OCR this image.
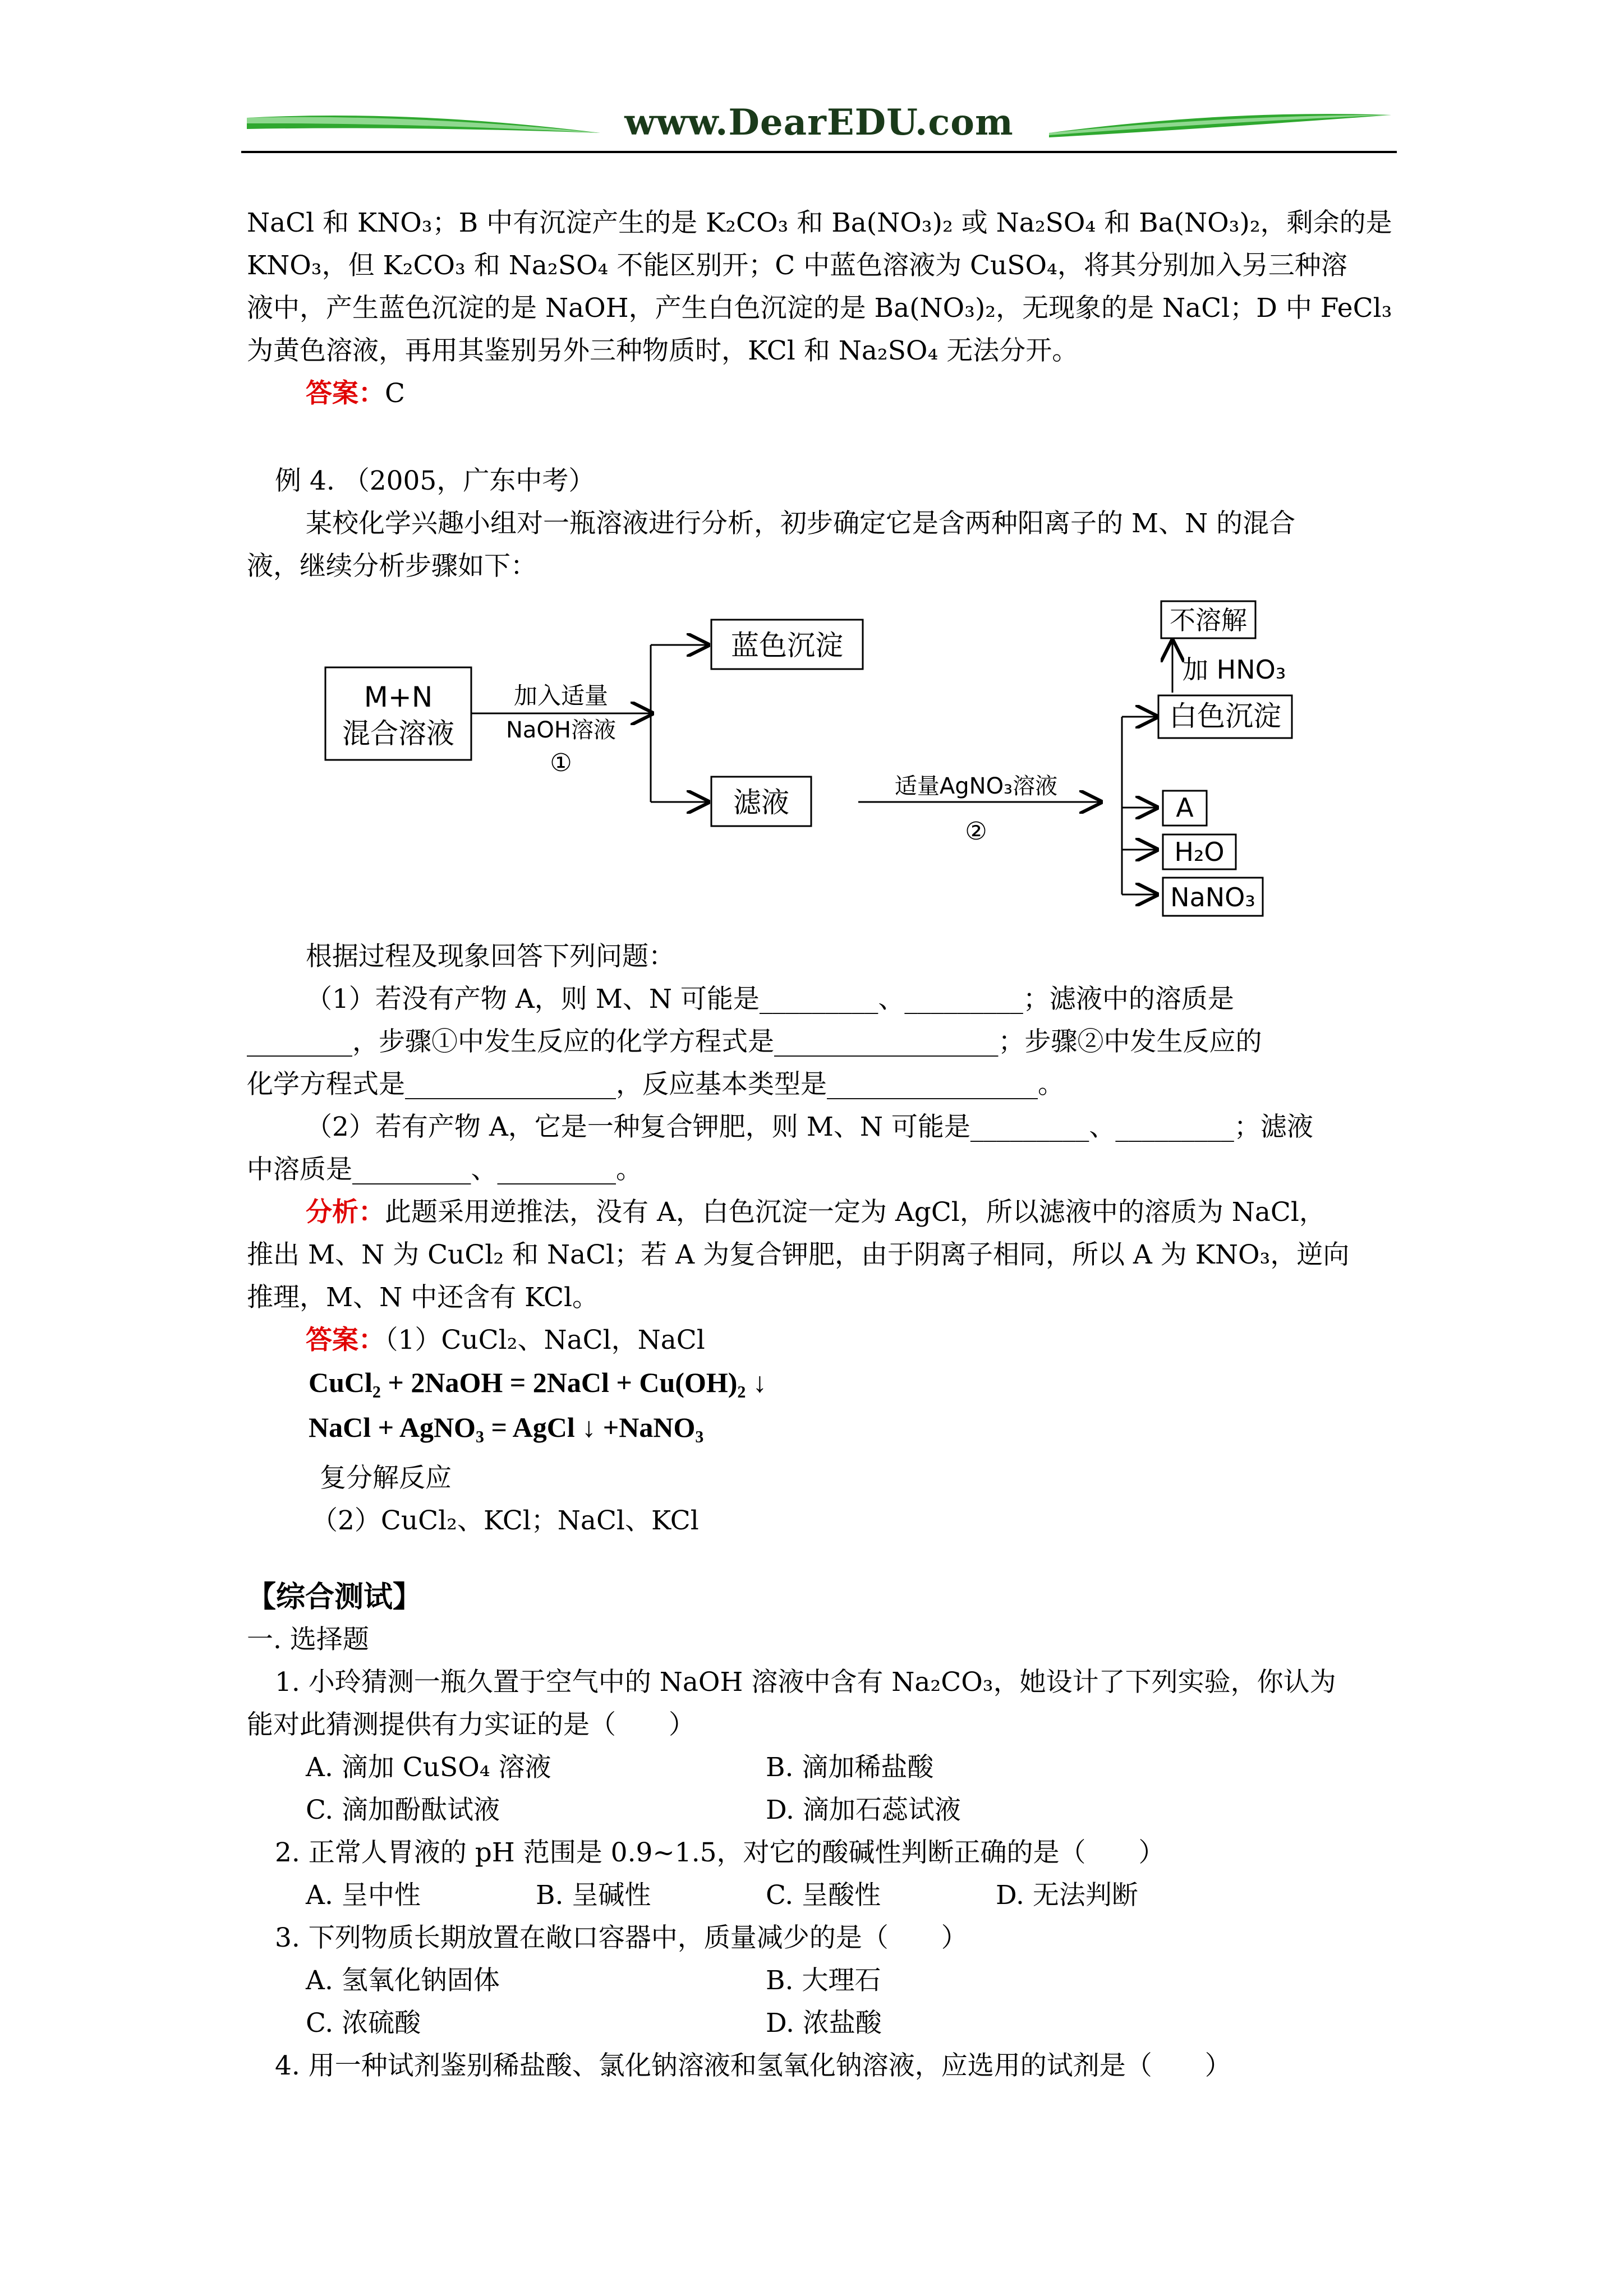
www.DearEDU.com
NaCl 和 KNO₃；B 中有沉淀产生的是 K₂CO₃ 和 Ba(NO₃)₂ 或 Na₂SO₄ 和 Ba(NO₃)₂，剩余的是
KNO₃，但 K₂CO₃ 和 Na₂SO₄ 不能区别开；C 中蓝色溶液为 CuSO₄，将其分别加入另三种溶
液中，产生蓝色沉淀的是 NaOH，产生白色沉淀的是 Ba(NO₃)₂，无现象的是 NaCl；D 中 FeCl₃
为黄色溶液，再用其鉴别另外三种物质时，KCl 和 Na₂SO₄ 无法分开。
答案：C
例 4. （2005，广东中考）
某校化学兴趣小组对一瓶溶液进行分析，初步确定它是含两种阳离子的 M、N 的混合
液，继续分析步骤如下：
M+N
混合溶液
加入适量
NaOH溶液
①
蓝色沉淀
滤液	适量AgNO₃溶液
②
不溶解
加 HNO₃
白色沉淀
A
H₂O
NaNO₃
根据过程及现象回答下列问题：
（1）若没有产物 A，则 M、N 可能是_________、_________；滤液中的溶质是
________，步骤①中发生反应的化学方程式是_________________；步骤②中发生反应的
化学方程式是________________，反应基本类型是________________。
（2）若有产物 A，它是一种复合钾肥，则 M、N 可能是_________、_________；滤液
中溶质是_________、_________。
分析：此题采用逆推法，没有 A，白色沉淀一定为 AgCl，所以滤液中的溶质为 NaCl，
推出 M、N 为 CuCl₂ 和 NaCl；若 A 为复合钾肥，由于阴离子相同，所以 A 为 KNO₃，逆向
推理，M、N 中还含有 KCl。
答案：（1）CuCl₂、NaCl，NaCl
CuCl₂ + 2NaOH = 2NaCl + Cu(OH)₂ ↓
NaCl + AgNO₃ = AgCl ↓ +NaNO₃
复分解反应
（2）CuCl₂、KCl；NaCl、KCl
【综合测试】
一. 选择题
1. 小玲猜测一瓶久置于空气中的 NaOH 溶液中含有 Na₂CO₃，她设计了下列实验，你认为
能对此猜测提供有力实证的是（　　）
A. 滴加 CuSO₄ 溶液	B. 滴加稀盐酸
C. 滴加酚酞试液	D. 滴加石蕊试液
2. 正常人胃液的 pH 范围是 0.9~1.5，对它的酸碱性判断正确的是（　　）
A. 呈中性	B. 呈碱性	C. 呈酸性	D. 无法判断
3. 下列物质长期放置在敞口容器中，质量减少的是（　　）
A. 氢氧化钠固体	B. 大理石
C. 浓硫酸	D. 浓盐酸
4. 用一种试剂鉴别稀盐酸、氯化钠溶液和氢氧化钠溶液，应选用的试剂是（　　）
